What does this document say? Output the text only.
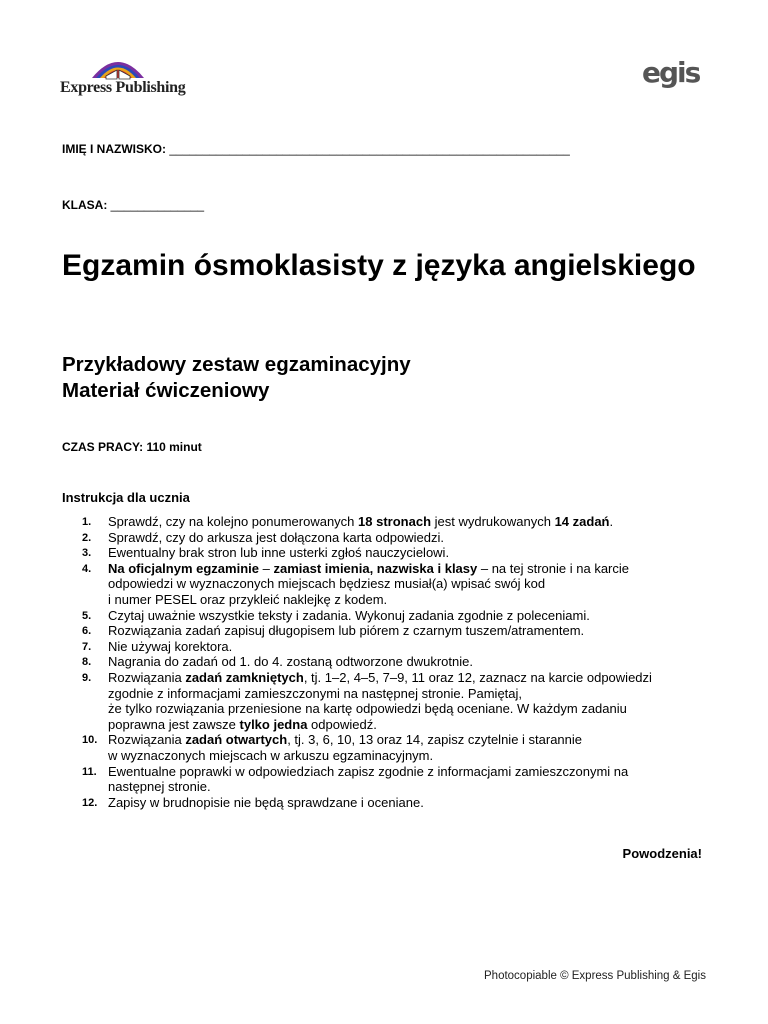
Express Publishing	egis
IMIĘ I NAZWISKO: ____________________________________________________________
KLASA: ______________
Egzamin ósmoklasisty z języka angielskiego
Przykładowy zestaw egzaminacyjny
Materiał ćwiczeniowy
CZAS PRACY: 110 minut
Instrukcja dla ucznia
1. Sprawdź, czy na kolejno ponumerowanych 18 stronach jest wydrukowanych 14 zadań.
2. Sprawdź, czy do arkusza jest dołączona karta odpowiedzi.
3. Ewentualny brak stron lub inne usterki zgłoś nauczycielowi.
4. Na oficjalnym egzaminie – zamiast imienia, nazwiska i klasy – na tej stronie i na karcie
odpowiedzi w wyznaczonych miejscach będziesz musiał(a) wpisać swój kod
i numer PESEL oraz przykleić naklejkę z kodem.
5. Czytaj uważnie wszystkie teksty i zadania. Wykonuj zadania zgodnie z poleceniami.
6. Rozwiązania zadań zapisuj długopisem lub piórem z czarnym tuszem/atramentem.
7. Nie używaj korektora.
8. Nagrania do zadań od 1. do 4. zostaną odtworzone dwukrotnie.
9. Rozwiązania zadań zamkniętych, tj. 1–2, 4–5, 7–9, 11 oraz 12, zaznacz na karcie odpowiedzi
zgodnie z informacjami zamieszczonymi na następnej stronie. Pamiętaj,
że tylko rozwiązania przeniesione na kartę odpowiedzi będą oceniane. W każdym zadaniu
poprawna jest zawsze tylko jedna odpowiedź.
10. Rozwiązania zadań otwartych, tj. 3, 6, 10, 13 oraz 14, zapisz czytelnie i starannie
w wyznaczonych miejscach w arkuszu egzaminacyjnym.
11. Ewentualne poprawki w odpowiedziach zapisz zgodnie z informacjami zamieszczonymi na
następnej stronie.
12. Zapisy w brudnopisie nie będą sprawdzane i oceniane.
Powodzenia!
Photocopiable © Express Publishing & Egis
